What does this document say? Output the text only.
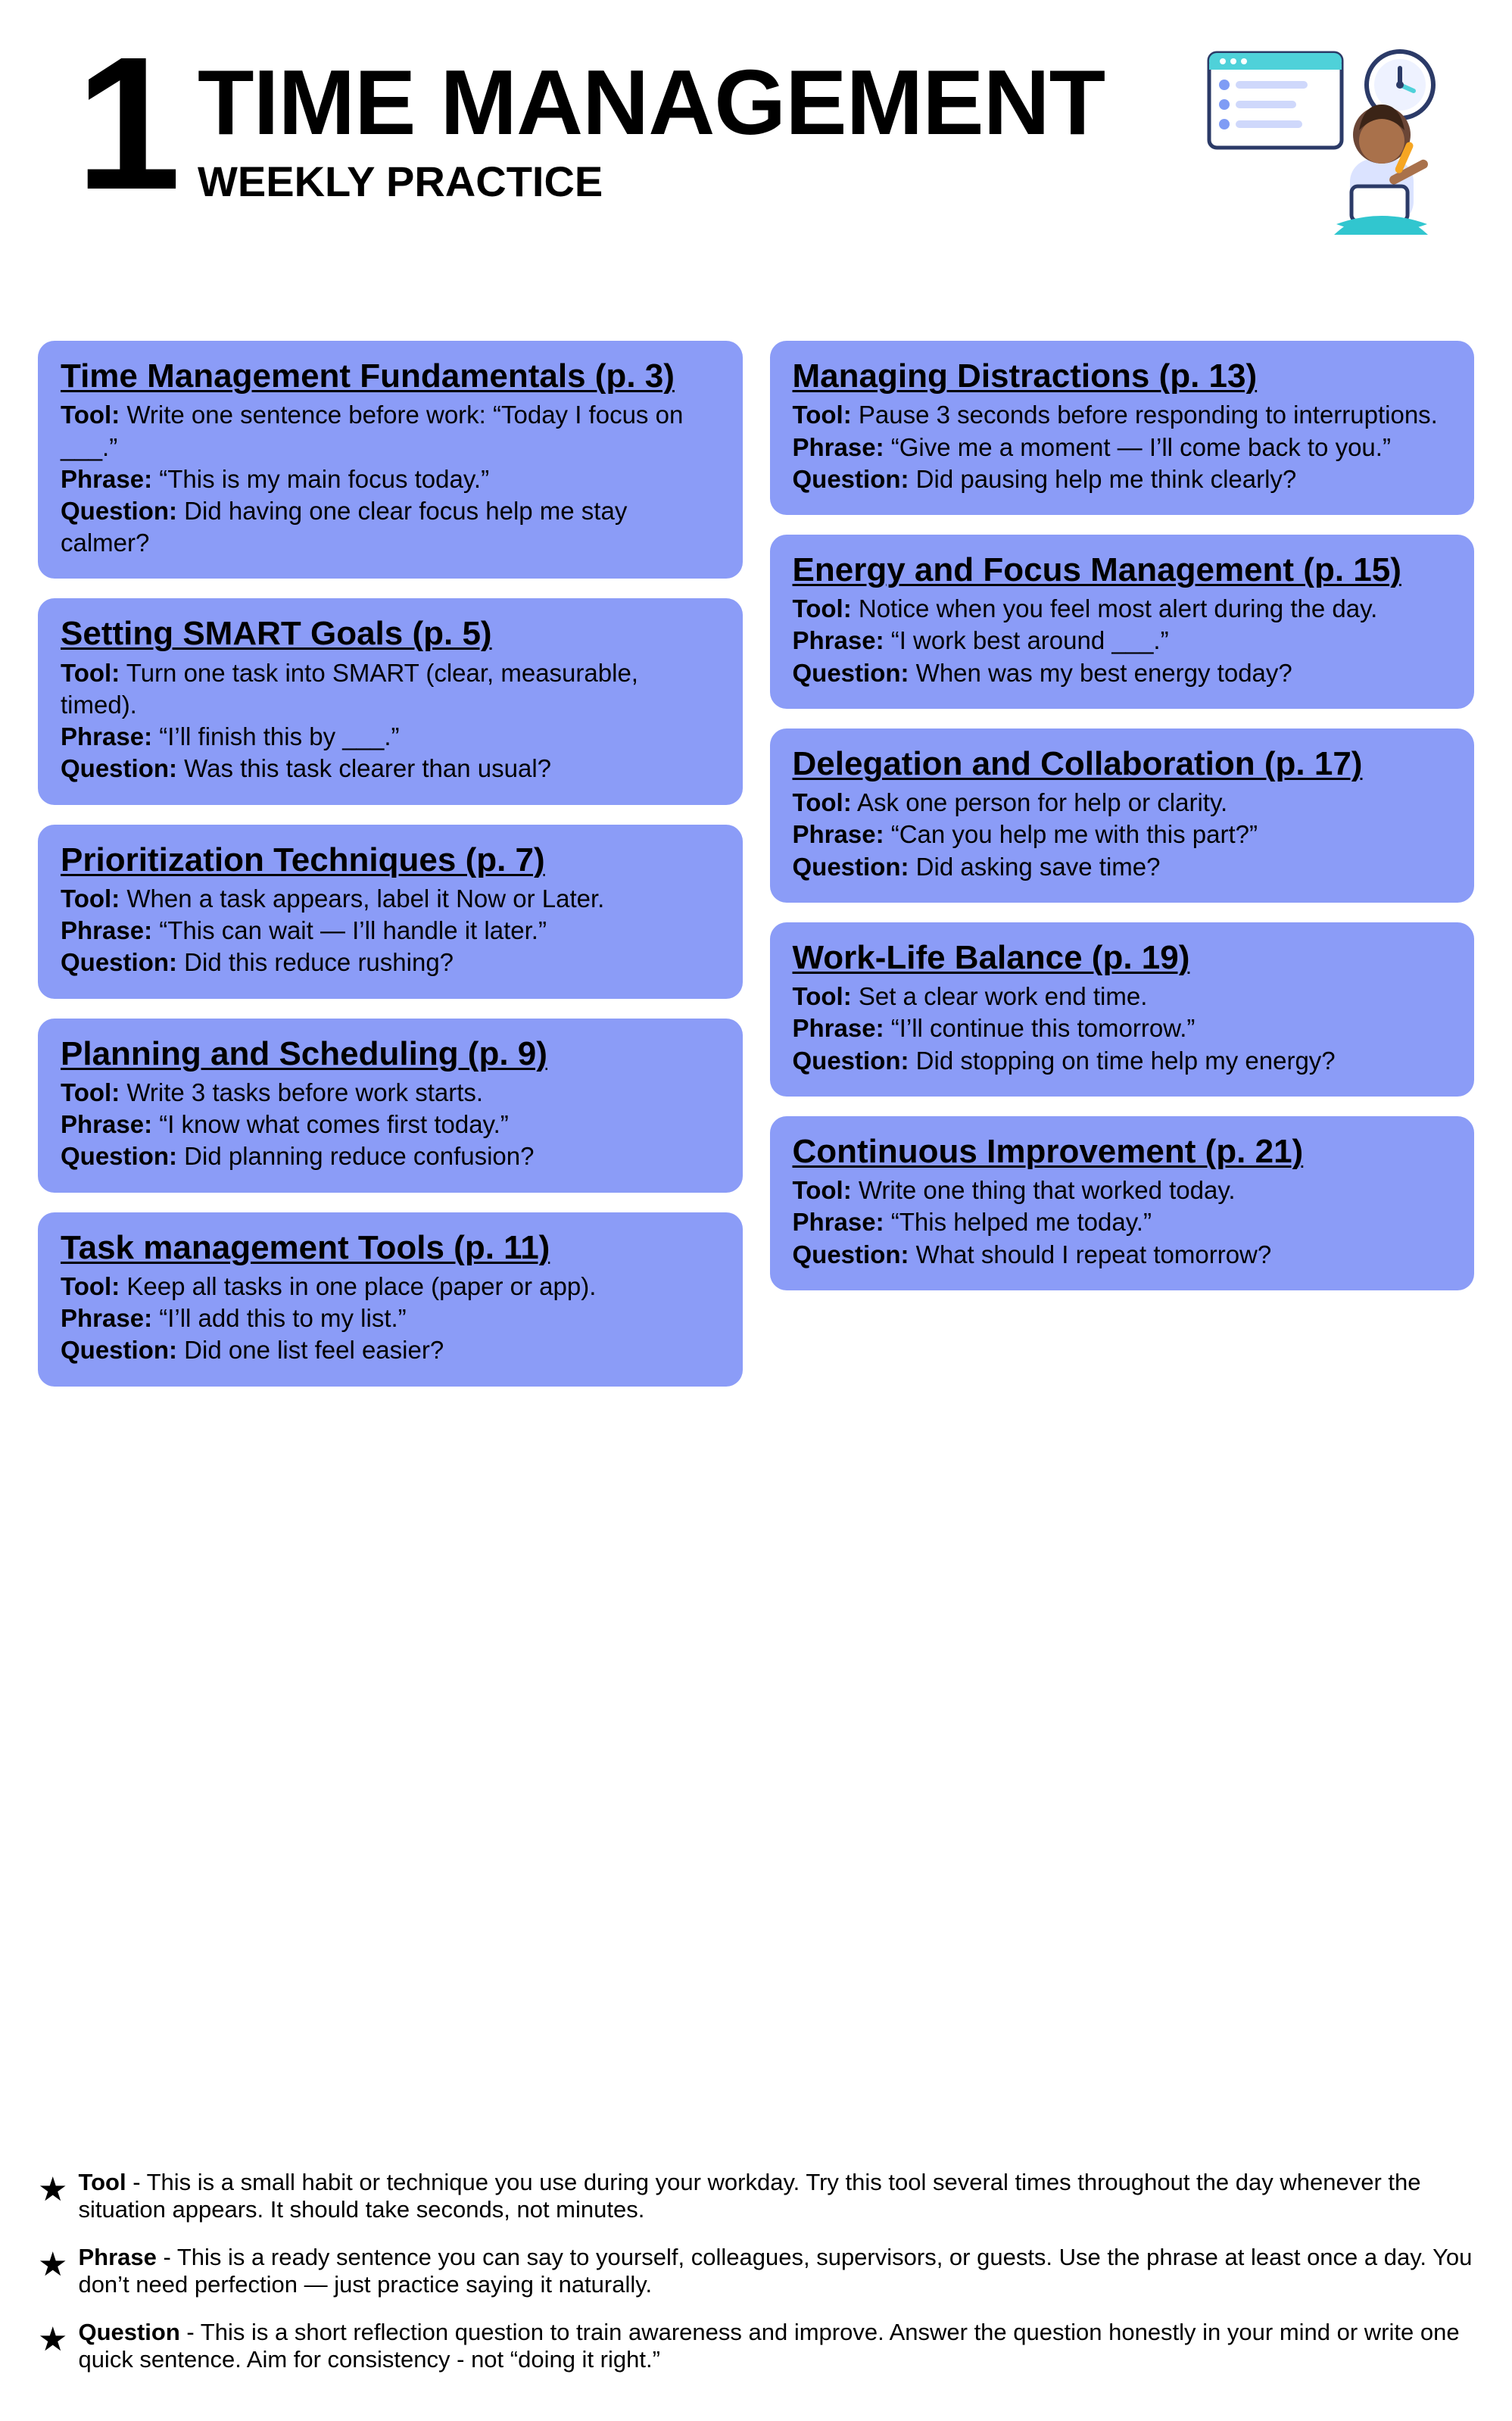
1 TIME MANAGEMENT
WEEKLY PRACTICE
Time Management Fundamentals (p. 3)

Tool: Write one sentence before work: “Today I focus on ___.”

Phrase: “This is my main focus today.”

Question: Did having one clear focus help me stay calmer?

Setting SMART Goals (p. 5)

Tool: Turn one task into SMART (clear, measurable, timed).

Phrase: “I’ll finish this by ___.”

Question: Was this task clearer than usual?

Prioritization Techniques (p. 7)

Tool: When a task appears, label it Now or Later.

Phrase: “This can wait — I’ll handle it later.”

Question: Did this reduce rushing?

Planning and Scheduling (p. 9)

Tool: Write 3 tasks before work starts.

Phrase: “I know what comes first today.”

Question: Did planning reduce confusion?

Task management Tools (p. 11)

Tool: Keep all tasks in one place (paper or app).

Phrase: “I’ll add this to my list.”

Question: Did one list feel easier?

Managing Distractions (p. 13)

Tool: Pause 3 seconds before responding to interruptions.

Phrase: “Give me a moment — I’ll come back to you.”

Question: Did pausing help me think clearly?

Energy and Focus Management (p. 15)

Tool: Notice when you feel most alert during the day.

Phrase: “I work best around ___.”

Question: When was my best energy today?

Delegation and Collaboration (p. 17)

Tool: Ask one person for help or clarity.

Phrase: “Can you help me with this part?”

Question: Did asking save time?

Work-Life Balance (p. 19)

Tool: Set a clear work end time.

Phrase: “I’ll continue this tomorrow.”

Question: Did stopping on time help my energy?

Continuous Improvement (p. 21)

Tool: Write one thing that worked today.

Phrase: “This helped me today.”

Question: What should I repeat tomorrow?

★ Tool - This is a small habit or technique you use during your workday. Try this tool several times throughout the day whenever the situation appears. It should take seconds, not minutes.
★ Phrase - This is a ready sentence you can say to yourself, colleagues, supervisors, or guests. Use the phrase at least once a day. You don’t need perfection — just practice saying it naturally.
★ Question - This is a short reflection question to train awareness and improve. Answer the question honestly in your mind or write one quick sentence. Aim for consistency - not “doing it right.”
